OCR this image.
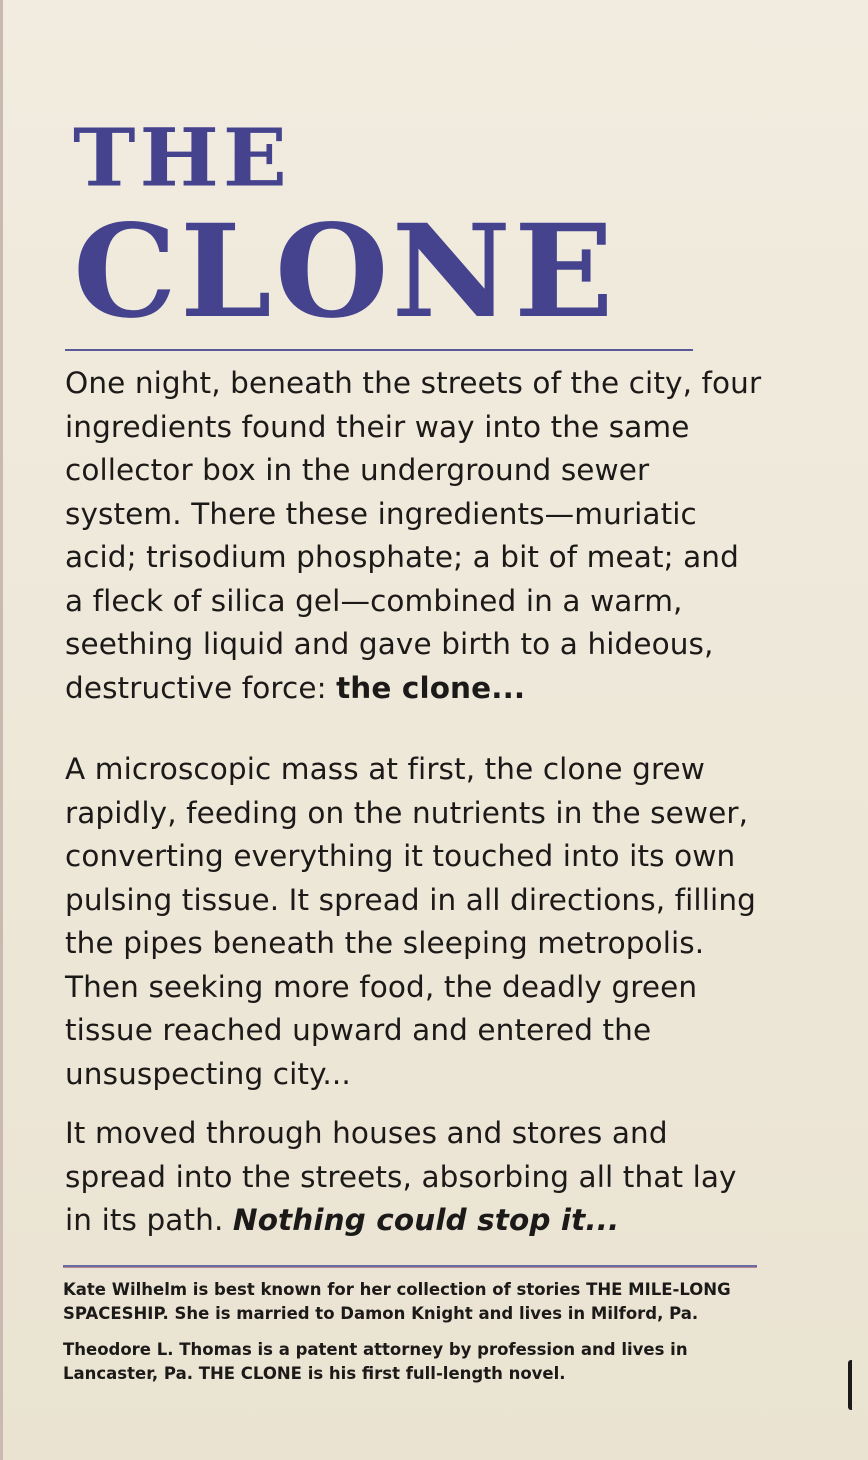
THE
CLONE

One night, beneath the streets of the city, four ingredients found their way into the same collector box in the underground sewer system. There these ingredients—muriatic acid; trisodium phosphate; a bit of meat; and a fleck of silica gel—combined in a warm, seething liquid and gave birth to a hideous, destructive force: the clone...

A microscopic mass at first, the clone grew rapidly, feeding on the nutrients in the sewer, converting everything it touched into its own pulsing tissue. It spread in all directions, filling the pipes beneath the sleeping metropolis. Then seeking more food, the deadly green tissue reached upward and entered the unsuspecting city...

It moved through houses and stores and spread into the streets, absorbing all that lay in its path. Nothing could stop it...

Kate Wilhelm is best known for her collection of stories THE MILE-LONG SPACESHIP. She is married to Damon Knight and lives in Milford, Pa.

Theodore L. Thomas is a patent attorney by profession and lives in Lancaster, Pa. THE CLONE is his first full-length novel.
